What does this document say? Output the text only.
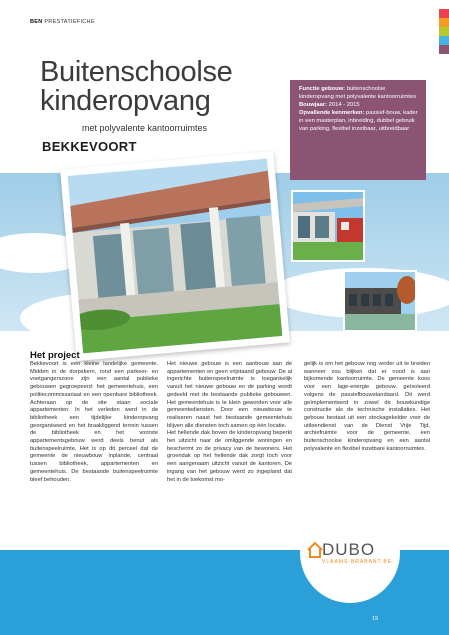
BEN PRESTATIEFICHE
Buitenschoolse
kinderopvang
met polyvalente kantoorruimtes
BEKKEVOORT
Functie gebouw: buitenschoolse kinderopvang met polyvalente kantoorruimtes
Bouwjaar: 2014 - 2015
Opvallende kenmerken: passief-bouw, kader in een masterplan, inbreiding, dubbel gebruik van parking, flexibel inzetbaar, uitbreidbaar
Het project

Bekkevoort is een kleine landelijke gemeente. Midden in de dorpskern, rond een parkeer- en voetgangerszone zijn een aantal publieke gebouwen gegroepeerd: het gemeentehuis, een politiecommissariaat en een openbare bibliotheek. Achteraan op de site staan sociale appartementen. In het verleden werd in de bibliotheek een tijdelijke kinderopvang georganiseerd en het braakliggend terrein tussen de bibliotheek en het voorste appartementsgebouw werd deels benut als buitenspeelruimte. Het is op dit perceel dat de gemeente de nieuwbouw inplande, centraal tussen bibliotheek, appartementen en gemeentehuis. De bestaande buitenspeelruimte bleef behouden.

Het nieuwe gebouw is een aanbouw aan de appartementen en geen vrijstaand gebouw. De al ingerichte buitenspeelruimte is toegankelijk vanuit het nieuwe gebouw en de parking wordt gedeeld met de bestaande publieke gebouwen. Het gemeentehuis is te klein geworden voor alle gemeentediensten. Door een nieuwbouw te realiseren naast het bestaande gemeentehuis blijven alle diensten toch samen op één locatie.

Het hellende dak boven de kinderopvang beperkt het uitzicht naar de omliggende woningen en beschermt zo de privacy van de bewoners. Het groendak op het hellende dak zorgt toch voor een aangenaam uitzicht vanuit de kantoren. De ingang van het gebouw werd zo ingepland dat het in de toekomst mo-

gelijk is om het gebouw nog verder uit te breiden wanneer zou blijken dat er nood is aan bijkomende kantoorruimte. De gemeente koos voor een lage-energie gebouw, geïsoleerd volgens de passiefbouwstandaard. Dit werd geïmplementeerd in zowel de bouwkundige constructie als de technische installaties. Het gebouw bestaat uit een stockagekelder voor de uitleendienst van de Dienst Vrije Tijd, archiefruimte voor de gemeente, een buitenschoolse kinderopvang en een aantal polyvalente en flexibel inzetbare kantoorruimtes.

DUBO
VLAAMS-BRABANT.BE
19
